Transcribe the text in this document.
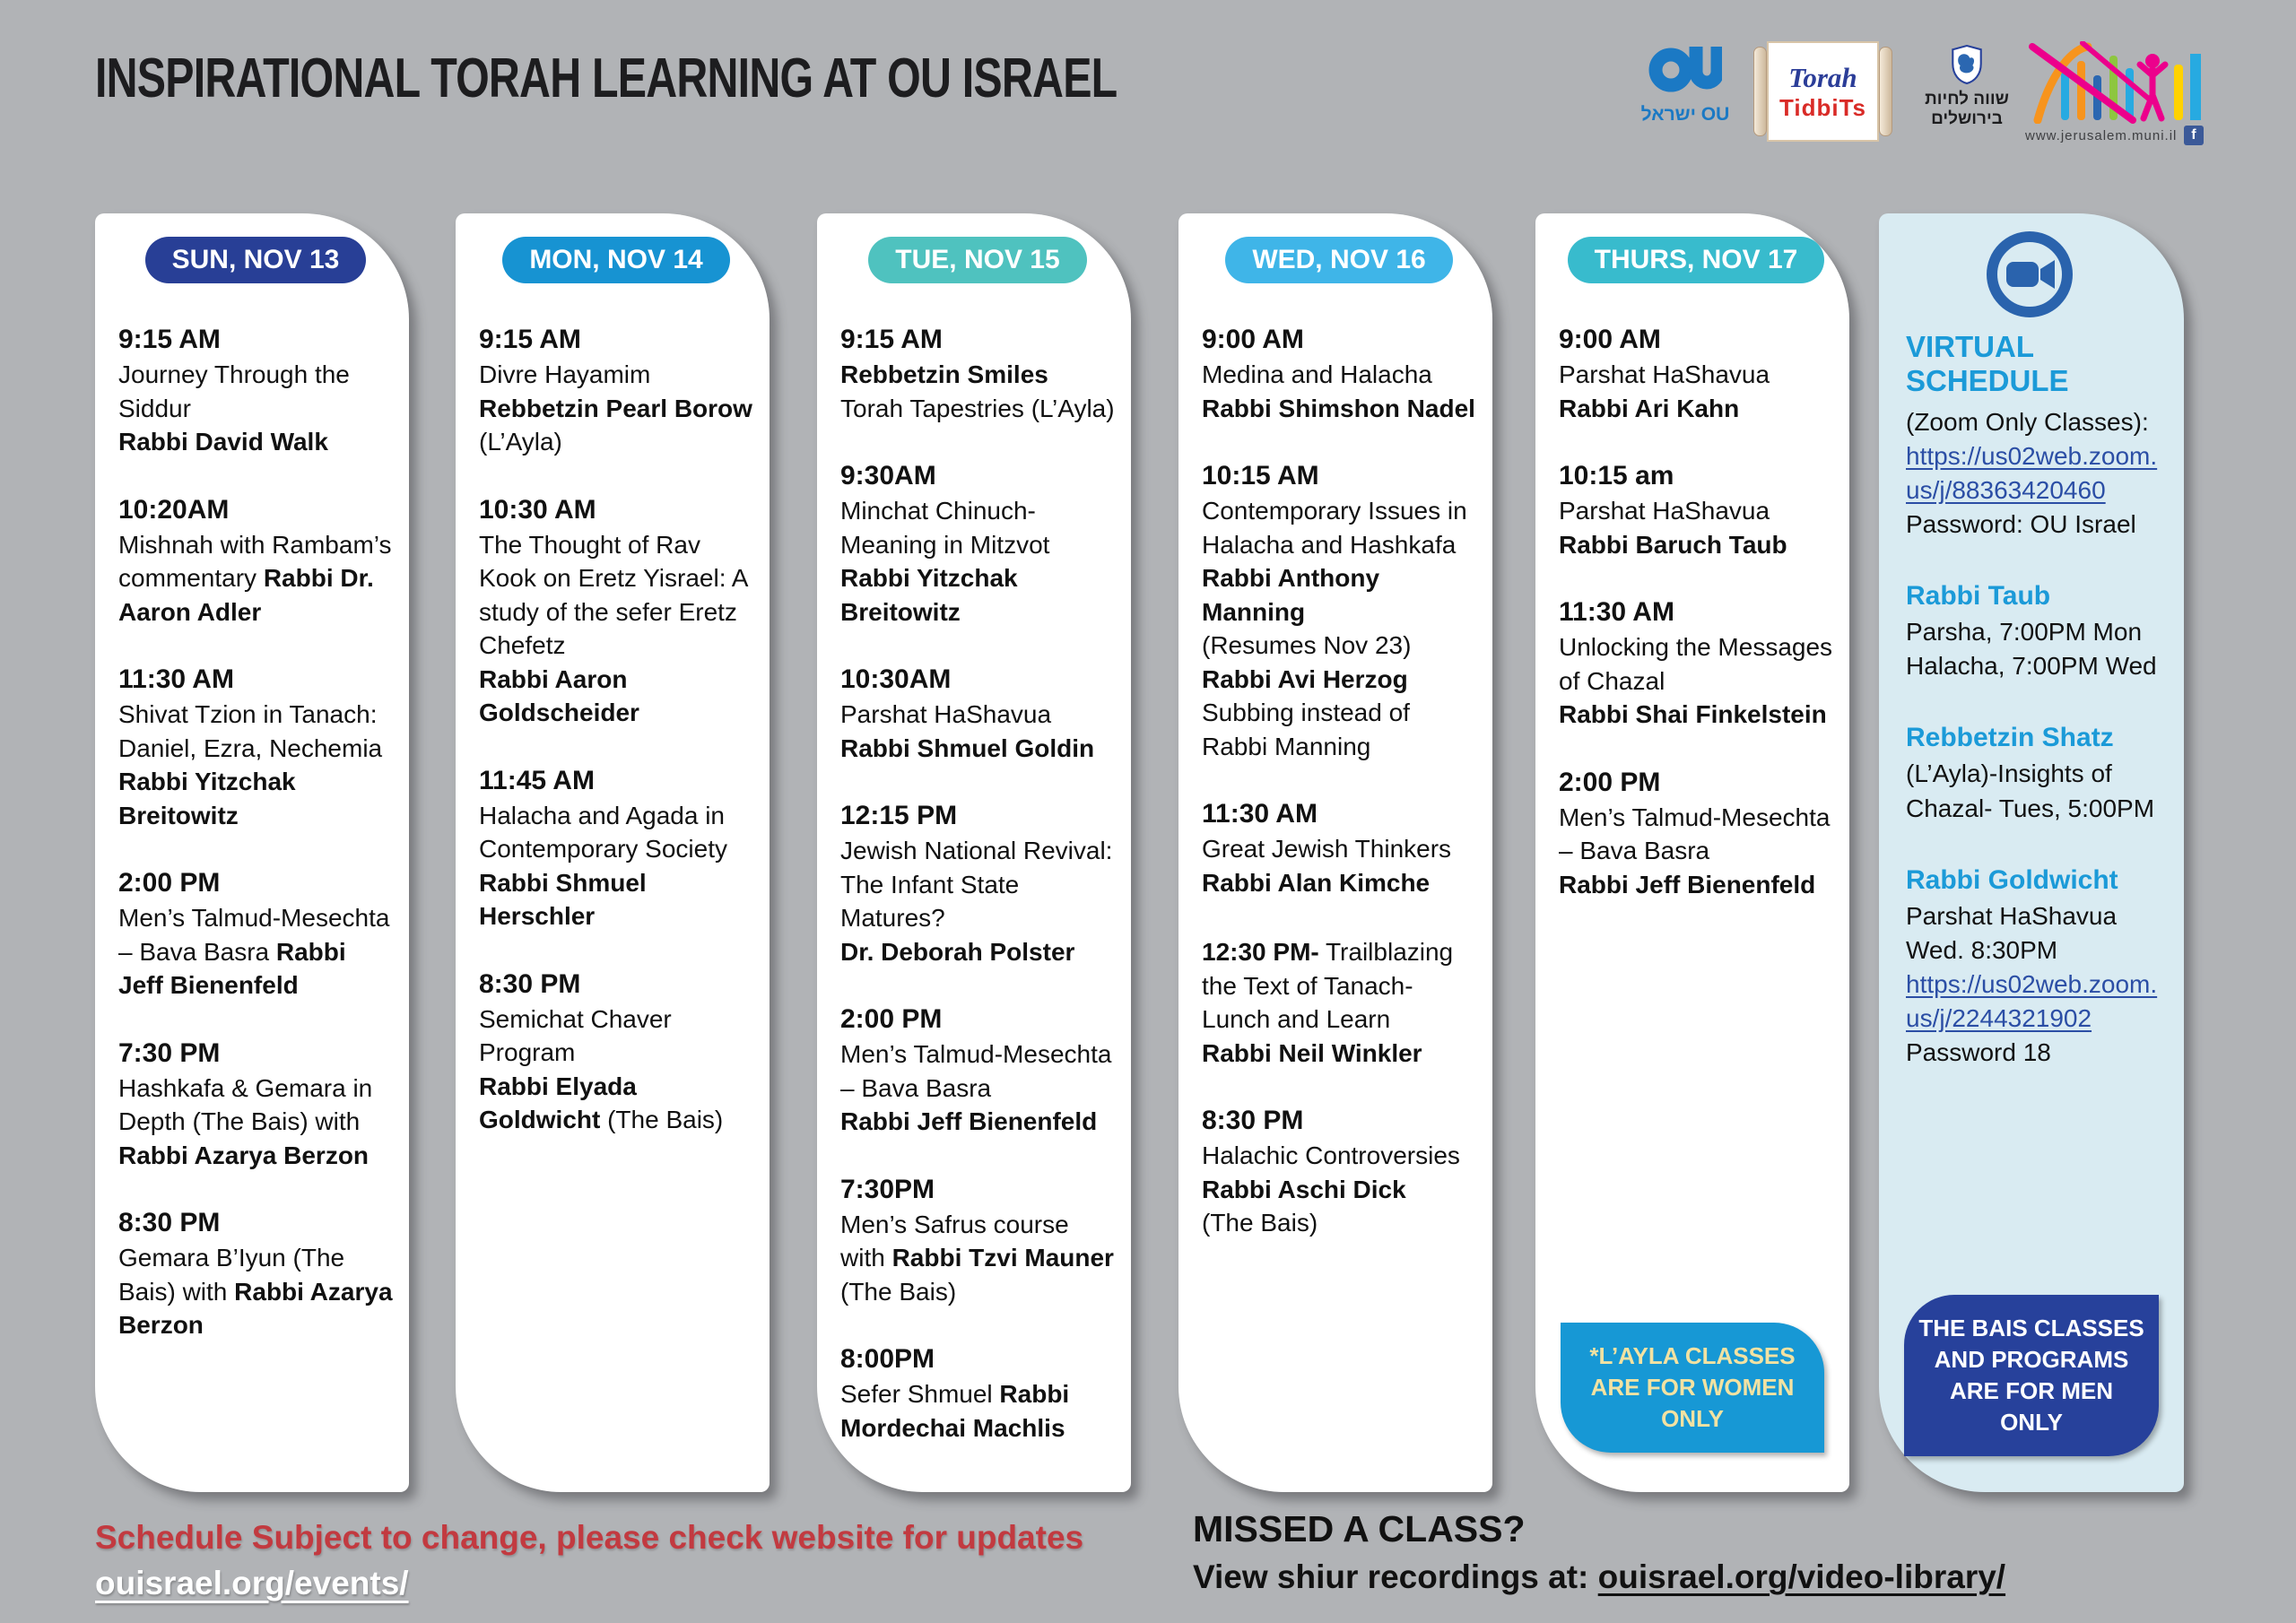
INSPIRATIONAL TORAH LEARNING AT OU ISRAEL
ישראל OU
Torah
TidbiTs	שווה לחיות
בירושלים
www.jerusalem.muni.il f
SUN, NOV 13
9:15 AM
Journey Through the Siddur
Rabbi David Walk
10:20AM
Mishnah with Rambam’s commentary Rabbi Dr. Aaron Adler
11:30 AM
Shivat Tzion in Tanach: Daniel, Ezra, Nechemia
Rabbi Yitzchak Breitowitz
2:00 PM
Men’s Talmud-Mesechta – Bava Basra Rabbi Jeff Bienenfeld
7:30 PM
Hashkafa & Gemara in Depth (The Bais) with Rabbi Azarya Berzon
8:30 PM
Gemara B’Iyun (The Bais) with Rabbi Azarya Berzon
MON, NOV 14
9:15 AM
Divre Hayamim
Rebbetzin Pearl Borow
(L’Ayla)
10:30 AM
The Thought of Rav Kook on Eretz Yisrael: A study of the sefer Eretz Chefetz
Rabbi Aaron Goldscheider
11:45 AM
Halacha and Agada in Contemporary Society
Rabbi Shmuel Herschler
8:30 PM
Semichat Chaver Program
Rabbi Elyada Goldwicht (The Bais)
TUE, NOV 15
9:15 AM
Rebbetzin Smiles
Torah Tapestries (L’Ayla)
9:30AM
Minchat Chinuch-Meaning in Mitzvot
Rabbi Yitzchak Breitowitz
10:30AM
Parshat HaShavua
Rabbi Shmuel Goldin
12:15 PM
Jewish National Revival: The Infant State Matures?
Dr. Deborah Polster
2:00 PM
Men’s Talmud-Mesechta – Bava Basra
Rabbi Jeff Bienenfeld
7:30PM
Men’s Safrus course with Rabbi Tzvi Mauner (The Bais)
8:00PM
Sefer Shmuel Rabbi Mordechai Machlis
WED, NOV 16
9:00 AM
Medina and Halacha
Rabbi Shimshon Nadel
10:15 AM
Contemporary Issues in Halacha and Hashkafa
Rabbi Anthony Manning
(Resumes Nov 23)
Rabbi Avi Herzog
Subbing instead of Rabbi Manning
11:30 AM
Great Jewish Thinkers
Rabbi Alan Kimche
12:30 PM- Trailblazing the Text of Tanach- Lunch and Learn
Rabbi Neil Winkler
8:30 PM
Halachic Controversies
Rabbi Aschi Dick
(The Bais)
THURS, NOV 17
9:00 AM
Parshat HaShavua
Rabbi Ari Kahn
10:15 am
Parshat HaShavua
Rabbi Baruch Taub
11:30 AM
Unlocking the Messages of Chazal
Rabbi Shai Finkelstein
2:00 PM
Men’s Talmud-Mesechta – Bava Basra
Rabbi Jeff Bienenfeld
*L’AYLA CLASSES ARE FOR WOMEN ONLY
VIRTUAL SCHEDULE
(Zoom Only Classes):
https://us02web.zoom.
us/j/88363420460
Password: OU Israel
Rabbi Taub
Parsha, 7:00PM Mon
Halacha, 7:00PM Wed
Rebbetzin Shatz
(L’Ayla)-Insights of
Chazal- Tues, 5:00PM
Rabbi Goldwicht
Parshat HaShavua
Wed. 8:30PM
https://us02web.zoom.
us/j/2244321902
Password 18
THE BAIS CLASSES AND PROGRAMS ARE FOR MEN ONLY
Schedule Subject to change, please check website for updates
ouisrael.org/events/
MISSED A CLASS?
View shiur recordings at: ouisrael.org/video-library/
